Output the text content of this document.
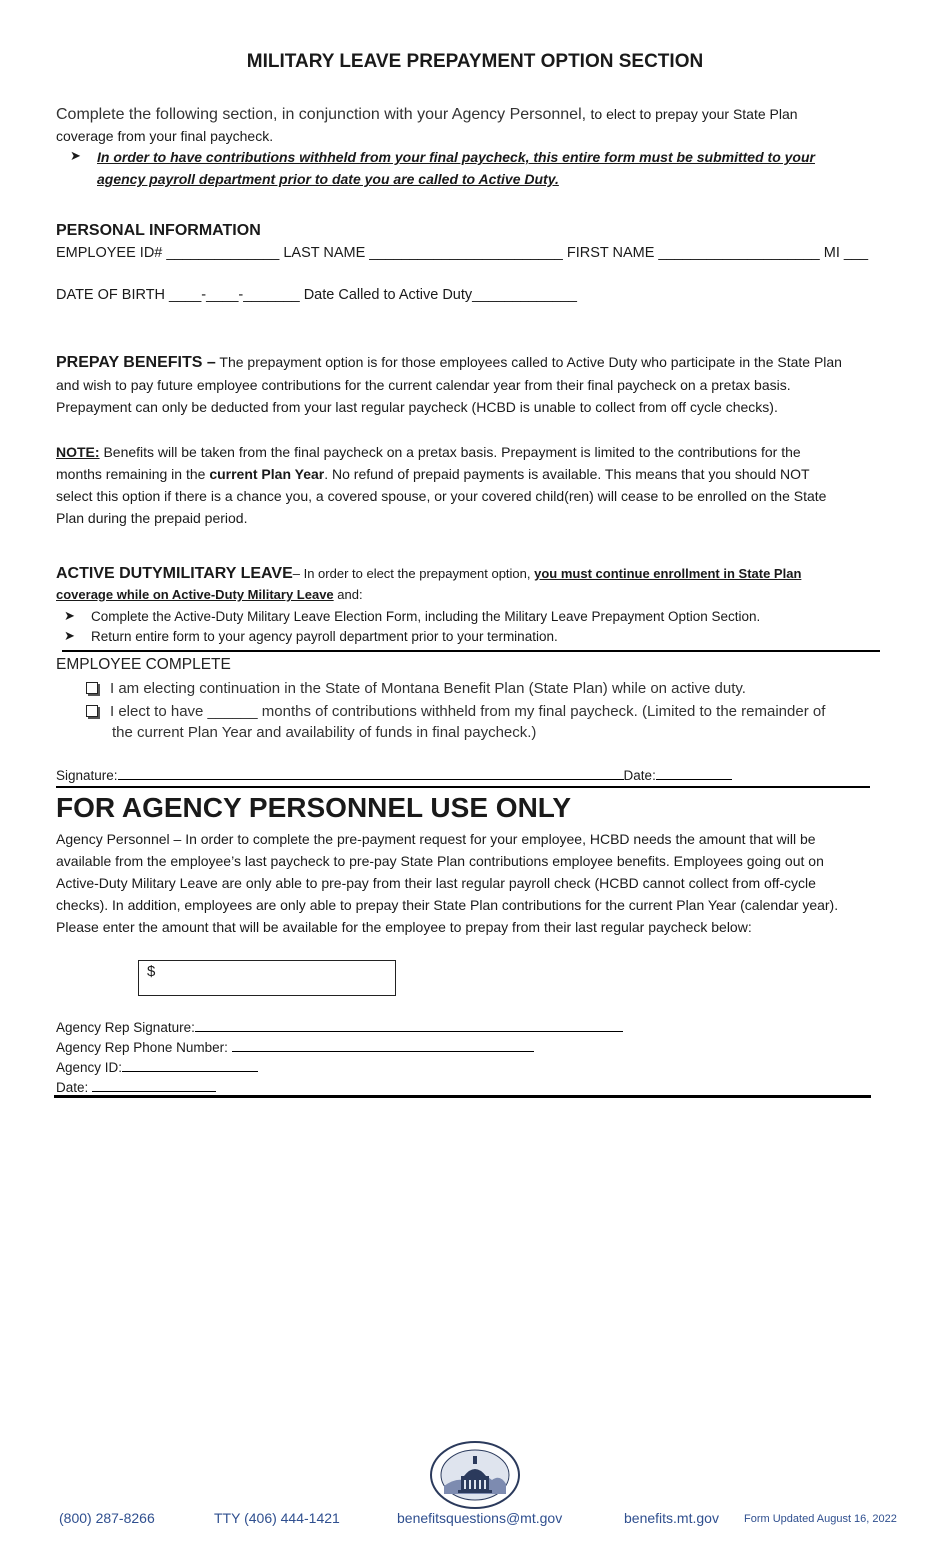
MILITARY LEAVE PREPAYMENT OPTION SECTION
Complete the following section, in conjunction with your Agency Personnel, to elect to prepay your State Plan
coverage from your final paycheck.
➤ In order to have contributions withheld from your final paycheck, this entire form must be submitted to your
agency payroll department prior to date you are called to Active Duty.
PERSONAL INFORMATION
EMPLOYEE ID# ______________ LAST NAME ________________________ FIRST NAME ____________________ MI ___
DATE OF BIRTH ____-____-_______ Date Called to Active Duty_____________
PREPAY BENEFITS – The prepayment option is for those employees called to Active Duty who participate in the State Plan
and wish to pay future employee contributions for the current calendar year from their final paycheck on a pretax basis.
Prepayment can only be deducted from your last regular paycheck (HCBD is unable to collect from off cycle checks).
NOTE: Benefits will be taken from the final paycheck on a pretax basis. Prepayment is limited to the contributions for the
months remaining in the current Plan Year. No refund of prepaid payments is available. This means that you should NOT
select this option if there is a chance you, a covered spouse, or your covered child(ren) will cease to be enrolled on the State
Plan during the prepaid period.
ACTIVE DUTYMILITARY LEAVE– In order to elect the prepayment option, you must continue enrollment in State Plan
coverage while on Active-Duty Military Leave and:
➤ Complete the Active-Duty Military Leave Election Form, including the Military Leave Prepayment Option Section.
➤ Return entire form to your agency payroll department prior to your termination.
EMPLOYEE COMPLETE
I am electing continuation in the State of Montana Benefit Plan (State Plan) while on active duty.
I elect to have ______ months of contributions withheld from my final paycheck. (Limited to the remainder of
the current Plan Year and availability of funds in final paycheck.)
Signature:	Date:
FOR AGENCY PERSONNEL USE ONLY
Agency Personnel – In order to complete the pre-payment request for your employee, HCBD needs the amount that will be
available from the employee’s last paycheck to pre-pay State Plan contributions employee benefits. Employees going out on
Active-Duty Military Leave are only able to pre-pay from their last regular payroll check (HCBD cannot collect from off-cycle
checks). In addition, employees are only able to prepay their State Plan contributions for the current Plan Year (calendar year).
Please enter the amount that will be available for the employee to prepay from their last regular paycheck below:
$
Agency Rep Signature:
Agency Rep Phone Number:
Agency ID:
Date:
(800) 287-8266	TTY (406) 444-1421	benefitsquestions@mt.gov	benefits.mt.gov Form Updated August 16, 2022
